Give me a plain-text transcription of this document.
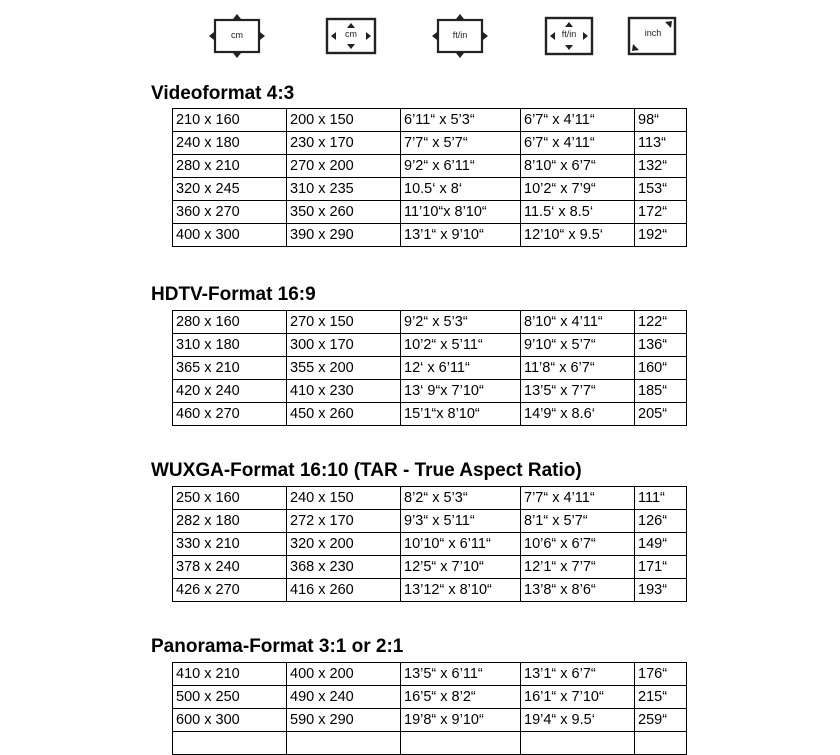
cm	cm	ft/in	ft/in	inch
Videoformat 4:3
210 x 160	200 x 150	6’11“ x 5’3“	6’7“ x 4’11“	98“
240 x 180	230 x 170	7’7“ x 5’7“	6’7“ x 4’11“	113“
280 x 210	270 x 200	9’2“ x 6’11“	8’10“ x 6’7“	132“
320 x 245	310 x 235	10.5‘ x 8‘	10’2“ x 7’9“	153“
360 x 270	350 x 260	11’10“x 8’10“	11.5‘ x 8.5‘	172“
400 x 300	390 x 290	13’1“ x 9’10“	12’10“ x 9.5‘	192“
HDTV-Format 16:9
280 x 160	270 x 150	9’2“ x 5’3“	8’10“ x 4’11“	122“
310 x 180	300 x 170	10’2“ x 5’11“	9’10“ x 5’7“	136“
365 x 210	355 x 200	12‘ x 6’11“	11’8“ x 6’7“	160“
420 x 240	410 x 230	13‘ 9“x 7’10“	13’5“ x 7’7“	185“
460 x 270	450 x 260	15’1“x 8’10“	14’9“ x 8.6‘	205“
WUXGA-Format 16:10 (TAR - True Aspect Ratio)
250 x 160	240 x 150	8’2“ x 5’3“	7’7“ x 4’11“	111“
282 x 180	272 x 170	9’3“ x 5’11“	8’1“ x 5’7“	126“
330 x 210	320 x 200	10’10“ x 6’11“	10’6“ x 6’7“	149“
378 x 240	368 x 230	12’5“ x 7’10“	12’1“ x 7’7“	171“
426 x 270	416 x 260	13’12“ x 8’10“	13’8“ x 8’6“	193“
Panorama-Format 3:1 or 2:1
410 x 210	400 x 200	13’5“ x 6’11“	13’1“ x 6’7“	176“
500 x 250	490 x 240	16’5“ x 8’2“	16’1“ x 7’10“	215“
600 x 300	590 x 290	19’8“ x 9’10“	19’4“ x 9.5‘	259“
